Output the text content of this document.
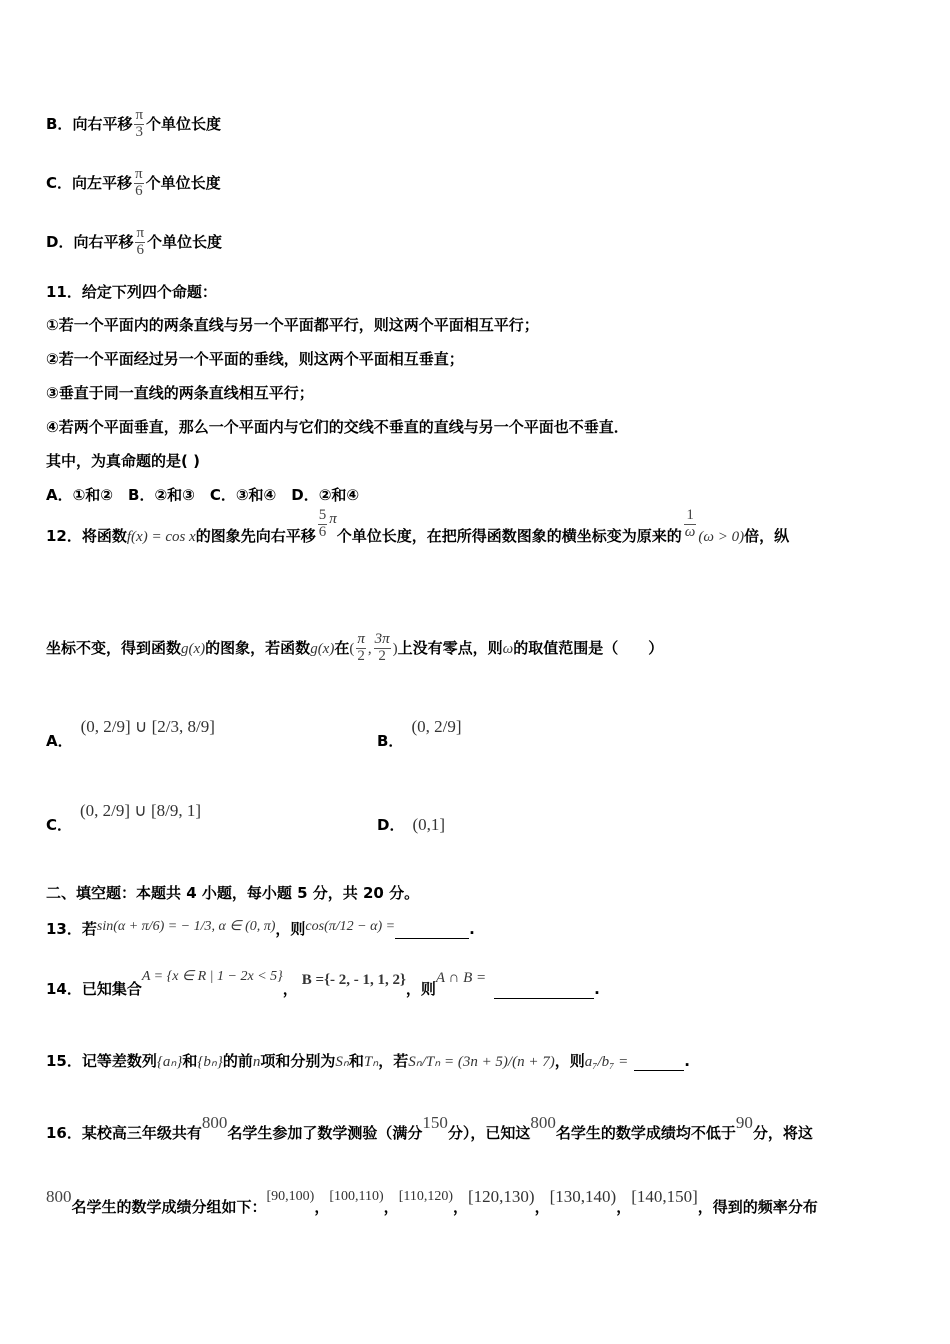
B．向右平移 $\frac{\pi}{3}$ 个单位长度
C．向左平移 $\frac{\pi}{6}$ 个单位长度
D．向右平移 $\frac{\pi}{6}$ 个单位长度
11．给定下列四个命题：
①若一个平面内的两条直线与另一个平面都平行，则这两个平面相互平行；
②若一个平面经过另一个平面的垂线，则这两个平面相互垂直；
③垂直于同一直线的两条直线相互平行；
④若两个平面垂直，那么一个平面内与它们的交线不垂直的直线与另一个平面也不垂直．
其中，为真命题的是( )
A．①和②　B．②和③　C．③和④　D．②和④
12．将函数f(x) = cos x的图象先向右平移 $\frac{5}{6}$ π个单位长度，在把所得函数图象的横坐标变为原来的 $\frac{1}{\omega} (\omega > 0)$倍，纵
坐标不变，得到函数g(x)的图象，若函数g(x)在( $\frac{\pi}{2}$ , $\frac{3\pi}{2}$ )上没有零点，则ω的取值范围是（　　）
A．(0, 2/9] ∪ [2/3, 8/9]
B．(0, 2/9]
C．(0, 2/9] ∪ [8/9, 1]
D． (0,1]
二、填空题：本题共 4 小题，每小题 5 分，共 20 分。
13．若sin(α + π/6) = − 1/3, α ∈ (0, π)，则cos(π/12 − α) =	.
14．已知集合A = {x ∈ R | 1 − 2x < 5}， B ={- 2, - 1, 1, 2}，则A ∩ B =.
15．记等差数列{aₙ}和{bₙ}的前n项和分别为Sₙ和Tₙ，若Sₙ/Tₙ = (3n + 5)/(n + 7)，则a₇/b₇ =	.
16．某校高三年级共有800名学生参加了数学测验（满分150分），已知这800名学生的数学成绩均不低于90分，将这
800名学生的数学成绩分组如下：[90,100)，[100,110)，[110,120)，[120,130)，[130,140)，[140,150]，得到的频率分布
